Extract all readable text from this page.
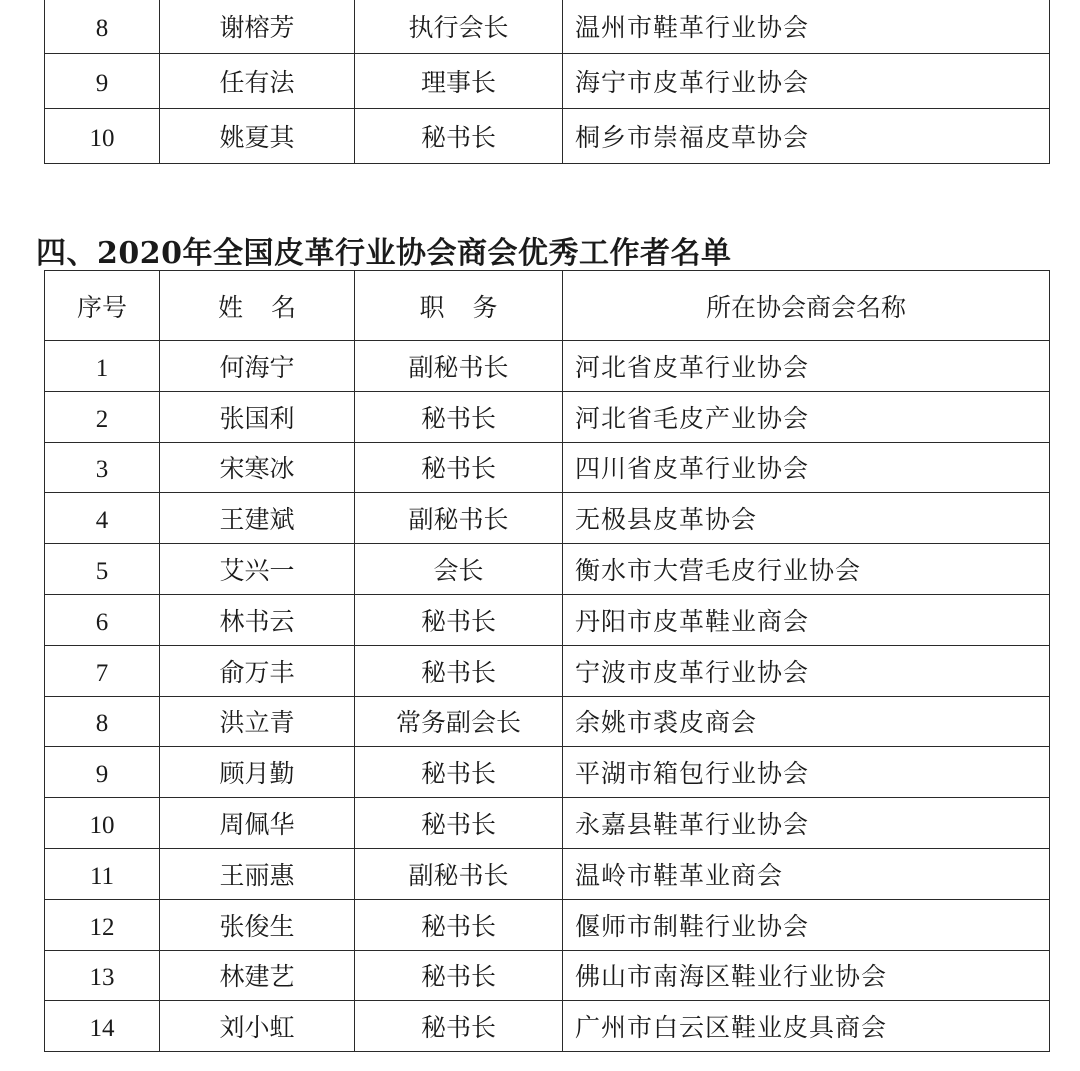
8	谢榕芳	执行会长	温州市鞋革行业协会
9	任有法	理事长	海宁市皮革行业协会
10	姚夏其	秘书长	桐乡市崇福皮草协会
四、2020年全国皮革行业协会商会优秀工作者名单
序号	姓 名	职 务	所在协会商会名称
1	何海宁	副秘书长	河北省皮革行业协会
2	张国利	秘书长	河北省毛皮产业协会
3	宋寒冰	秘书长	四川省皮革行业协会
4	王建斌	副秘书长	无极县皮革协会
5	艾兴一	会长	衡水市大营毛皮行业协会
6	林书云	秘书长	丹阳市皮革鞋业商会
7	俞万丰	秘书长	宁波市皮革行业协会
8	洪立青	常务副会长	余姚市裘皮商会
9	顾月勤	秘书长	平湖市箱包行业协会
10	周佩华	秘书长	永嘉县鞋革行业协会
11	王丽惠	副秘书长	温岭市鞋革业商会
12	张俊生	秘书长	偃师市制鞋行业协会
13	林建艺	秘书长	佛山市南海区鞋业行业协会
14	刘小虹	秘书长	广州市白云区鞋业皮具商会
